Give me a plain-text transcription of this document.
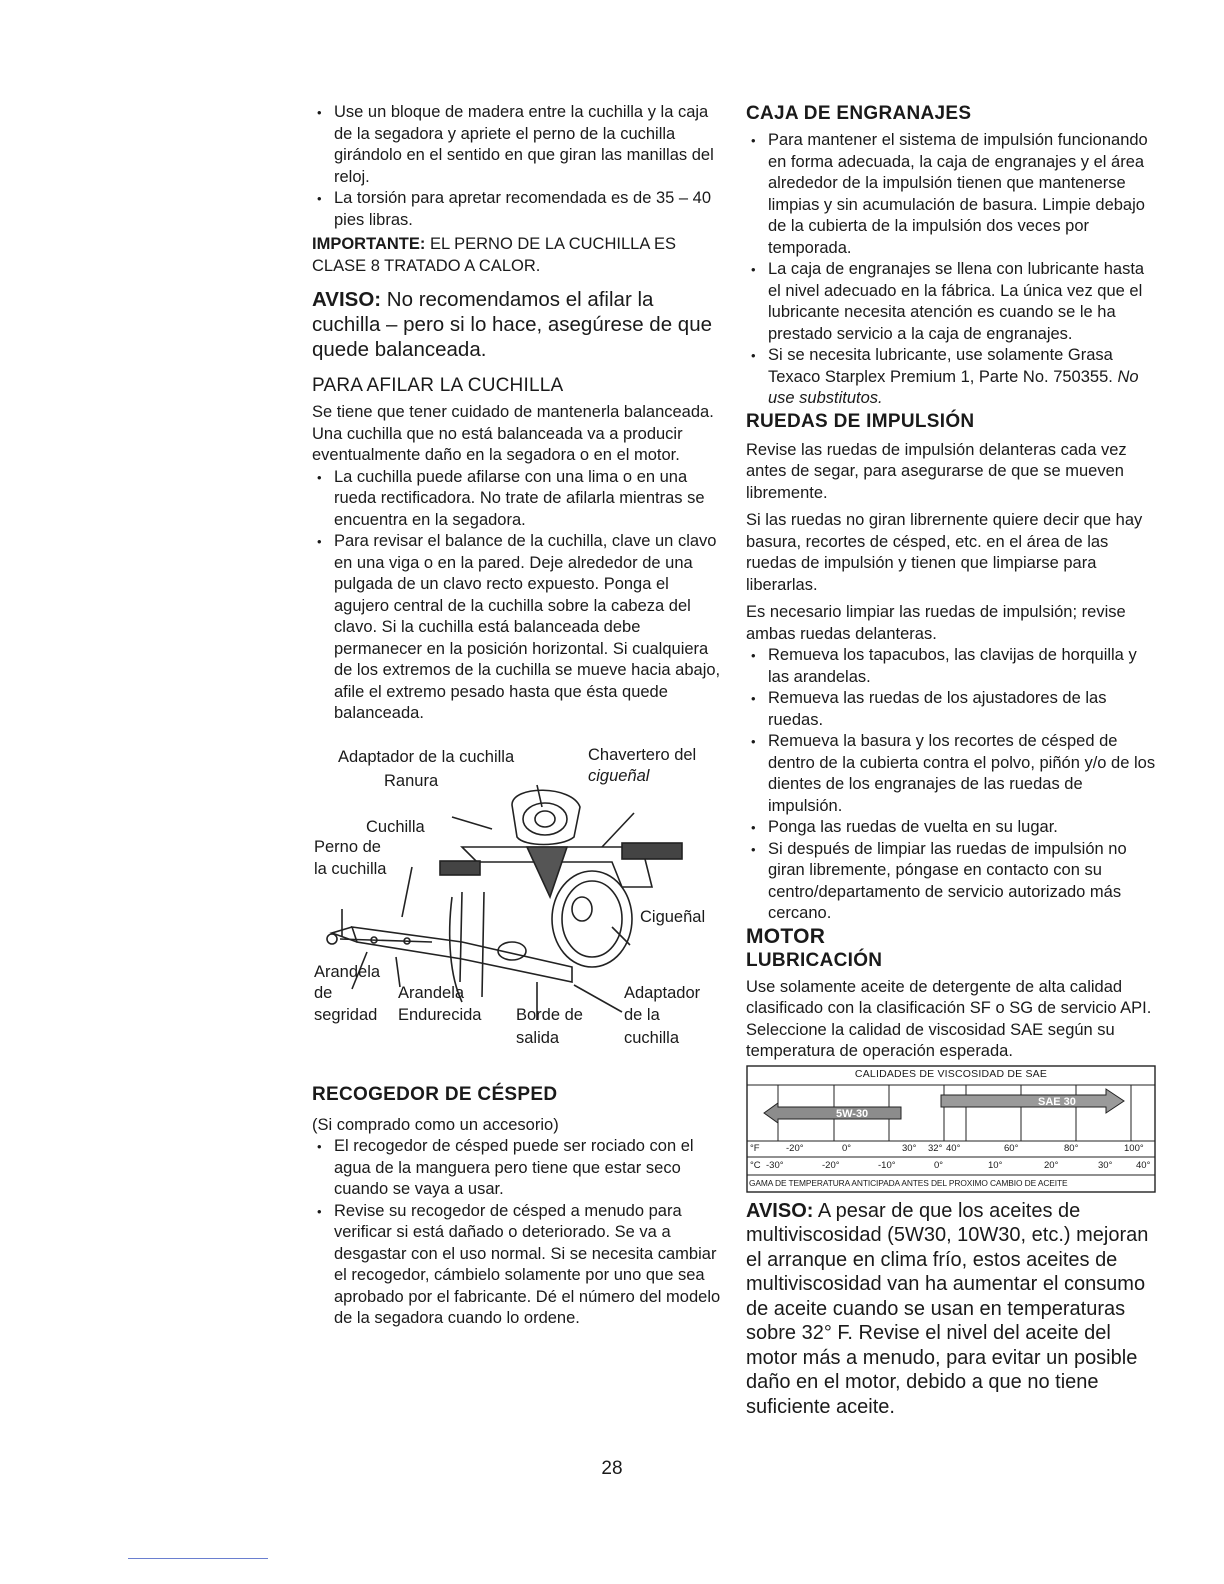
• Use un bloque de madera entre la cuchilla y la caja de la segadora y apriete el perno de la cuchilla girándolo en el sentido en que giran las manillas del reloj.
• La torsión para apretar recomendada es de 35 – 40 pies libras.

IMPORTANTE: EL PERNO DE LA CUCHILLA ES CLASE 8 TRATADO A CALOR.

AVISO: No recomendamos el afilar la cuchilla – pero si lo hace, asegúrese de que quede balanceada.

PARA AFILAR LA CUCHILLA

Se tiene que tener cuidado de mantenerla balanceada. Una cuchilla que no está balanceada va a producir eventualmente daño en la segadora o en el motor.

• La cuchilla puede afilarse con una lima o en una rueda rectificadora. No trate de afilarla mientras se encuentra en la segadora.
• Para revisar el balance de la cuchilla, clave un clavo en una viga o en la pared. Deje alrededor de una pulgada de un clavo recto expuesto. Ponga el agujero central de la cuchilla sobre la cabeza del clavo. Si la cuchilla está balanceada debe permanecer en la posición horizontal. Si cualquiera de los extremos de la cuchilla se mueve hacia abajo, afile el extremo pesado hasta que ésta quede balanceada.
Adaptador de la cuchilla	Chavertero del
cigueñal
Ranura
Cuchilla
Perno de
la cuchilla
Cigueñal
Arandela
de
segridad
Arandela
Endurecida Borde de
salida
Adaptador
de la
cuchilla
RECOGEDOR DE CÉSPED

(Si comprado como un accesorio)

• El recogedor de césped puede ser rociado con el agua de la manguera pero tiene que estar seco cuando se vaya a usar.
• Revise su recogedor de césped a menudo para verificar si está dañado o deteriorado. Se va a desgastar con el uso normal. Si se necesita cambiar el recogedor, cámbielo solamente por uno que sea aprobado por el fabricante. Dé el número del modelo de la segadora cuando lo ordene.
CAJA DE ENGRANAJES
• Para mantener el sistema de impulsión funcionando en forma adecuada, la caja de engranajes y el área alrededor de la impulsión tienen que mantenerse limpias y sin acumulación de basura. Limpie debajo de la cubierta de la impulsión dos veces por temporada.
• La caja de engranajes se llena con lubricante hasta el nivel adecuado en la fábrica. La única vez que el lubricante necesita atención es cuando se le ha prestado servicio a la caja de engranajes.
• Si se necesita lubricante, use solamente Grasa Texaco Starplex Premium 1, Parte No. 750355. No use substitutos.
RUEDAS DE IMPULSIÓN

Revise las ruedas de impulsión delanteras cada vez antes de segar, para asegurarse de que se mueven libremente.

Si las ruedas no giran librernente quiere decir que hay basura, recortes de césped, etc. en el área de las ruedas de impulsión y tienen que limpiarse para liberarlas.

Es necesario limpiar las ruedas de impulsión; revise ambas ruedas delanteras.

• Remueva los tapacubos, las clavijas de horquilla y las arandelas.
• Remueva las ruedas de los ajustadores de las ruedas.
• Remueva la basura y los recortes de césped de dentro de la cubierta contra el polvo, piñón y/o de los dientes de los engranajes de las ruedas de impulsión.
• Ponga las ruedas de vuelta en su lugar.
• Si después de limpiar las ruedas de impulsión no giran libremente, póngase en contacto con su centro/departamento de servicio autorizado más cercano.
MOTOR
LUBRICACIÓN

Use solamente aceite de detergente de alta calidad clasificado con la clasificación SF o SG de servicio API. Seleccione la calidad de viscosidad SAE según su temperatura de operación esperada.

CALIDADES DE VISCOSIDAD DE SAE
5W-30
SAE 30
°F	-20°	0°	30° 32° 40°	60°	80°	100°
°C -30°	-20°	-10°	0°	10°	20°	30° 40°
GAMA DE TEMPERATURA ANTICIPADA ANTES DEL PROXIMO CAMBIO DE ACEITE

AVISO: A pesar de que los aceites de multiviscosidad (5W30, 10W30, etc.) mejoran el arranque en clima frío, estos aceites de multiviscosidad van ha aumentar el consumo de aceite cuando se usan en temperaturas sobre 32° F. Revise el nivel del aceite del motor más a menudo, para evitar un posible daño en el motor, debido a que no tiene suficiente aceite.

28
